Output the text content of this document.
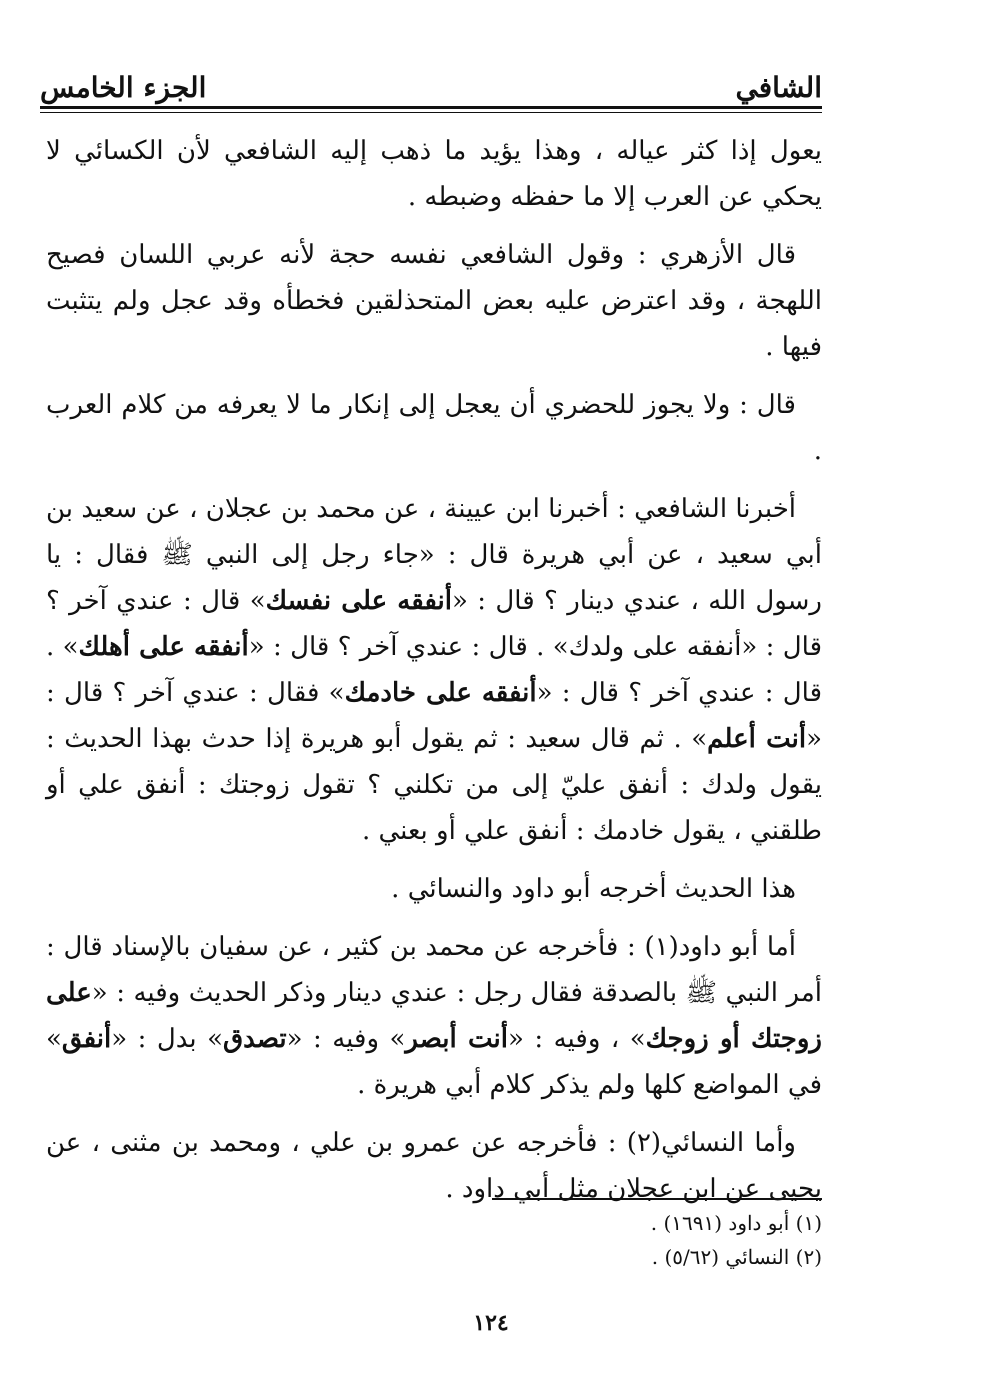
الشافي
الجزء الخامس

يعول إذا كثر عياله ، وهذا يؤيد ما ذهب إليه الشافعي لأن الكسائي لا يحكي عن العرب إلا ما حفظه وضبطه .

قال الأزهري : وقول الشافعي نفسه حجة لأنه عربي اللسان فصيح اللهجة ، وقد اعترض عليه بعض المتحذلقين فخطأه وقد عجل ولم يتثبت فيها .

قال : ولا يجوز للحضري أن يعجل إلى إنكار ما لا يعرفه من كلام العرب .

أخبرنا الشافعي : أخبرنا ابن عيينة ، عن محمد بن عجلان ، عن سعيد بن أبي سعيد ، عن أبي هريرة قال : «جاء رجل إلى النبي ﷺ فقال : يا رسول الله ، عندي دينار ؟ قال : «أنفقه على نفسك» قال : عندي آخر ؟ قال : «أنفقه على ولدك» . قال : عندي آخر ؟ قال : «أنفقه على أهلك» . قال : عندي آخر ؟ قال : «أنفقه على خادمك» فقال : عندي آخر ؟ قال : «أنت أعلم» . ثم قال سعيد : ثم يقول أبو هريرة إذا حدث بهذا الحديث : يقول ولدك : أنفق عليّ إلى من تكلني ؟ تقول زوجتك : أنفق علي أو طلقني ، يقول خادمك : أنفق علي أو بعني .

هذا الحديث أخرجه أبو داود والنسائي .

أما أبو داود(١) : فأخرجه عن محمد بن كثير ، عن سفيان بالإسناد قال : أمر النبي ﷺ بالصدقة فقال رجل : عندي دينار وذكر الحديث وفيه : «على زوجتك أو زوجك» ، وفيه : «أنت أبصر» وفيه : «تصدق» بدل : «أنفق» في المواضع كلها ولم يذكر كلام أبي هريرة .

وأما النسائي(٢) : فأخرجه عن عمرو بن علي ، ومحمد بن مثنى ، عن يحيى عن ابن عجلان مثل أبي داود .

(١) أبو داود (١٦٩١) .
(٢) النسائي (٥/٦٢) .
١٢٤
